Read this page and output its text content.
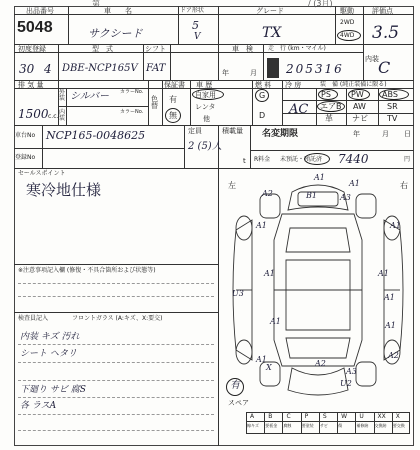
第　　　　　　　　　　　　　　　　　　　　　　　　　　/ (3月)
出品番号
5048
車　　名
サクシード
ドア形状
5
V
グレード
TX
駆動
2WD
4WD
評価点
3.5
初度登録	型　式	シフト	車　検	走　行 (km・マイル)
30 4 DBE-NCP165V FAT	年	月 205316
内装 C
排 気 量
外装 シルバー カラーNo.
内装
カラーNo.
色替
保証書 車 歴	燃 料 冷 房	装　備 (純正装備に限る)
1500 c.c.
有
無
自家用
レンタ
他
G
D AC
PS	PW ABS
エアB AW	SR
革 ナビ TV
車台No NCP165-0048625
登録No
定員
2 (5)人
積載量
t
名変期限	年	月 日
R料金 未預託・預託済 7440	円
セールスポイント
寒冷地仕様
※注意事項記入欄 (修復・不具合箇所および状態等)
検査員記入	フロントガラス (A:キズ、X:要交)
内装 キズ 汚れ
シート ヘタリ
下廻り サビ 腐S
各 ラスA
左	右
A1
A1
A2	B1	A3
A1	A1
U3
A1
A1
A1
A1	A1
A1	A2
A3
U2
X	A2
有
スペア
A
線キズ
B
要板金
C
腐蝕
P
要塗装
S
サビ
W
傷
U
補修跡
XX
交換跡
X
要交換
